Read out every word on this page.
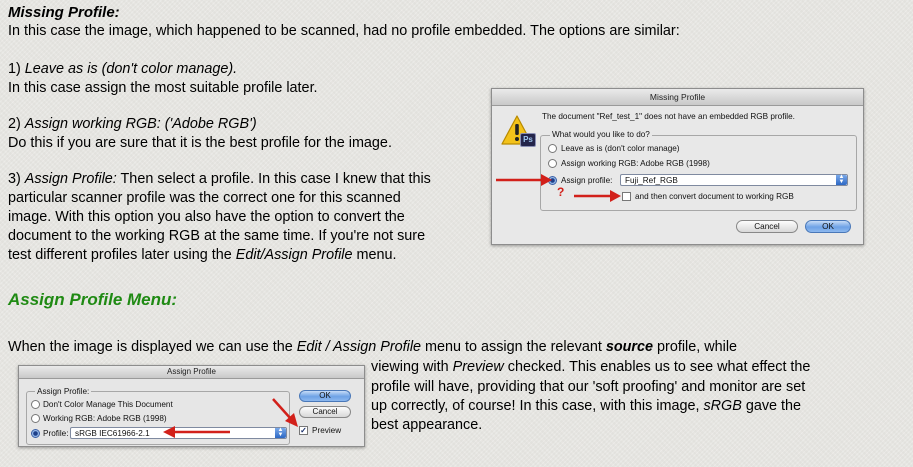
Missing Profile:
In this case the image, which happened to be scanned, had no profile embedded. The options are similar:
1) Leave as is (don't color manage).
In this case assign the most suitable profile later.
2) Assign working RGB: ('Adobe RGB')
Do this if you are sure that it is the best profile for the image.
3) Assign Profile: Then select a profile. In this case I knew that this
particular scanner profile was the correct one for this scanned
image. With this option you also have the option to convert the
document to the working RGB at the same time. If you're not sure
test different profiles later using the Edit/Assign Profile menu.
Missing Profile
Ps
The document "Ref_test_1" does not have an embedded RGB profile.
What would you like to do?
Leave as is (don't color manage)
Assign working RGB: Adobe RGB (1998)
Assign profile: Fuji_Ref_RGB	▲
▼
and then convert document to working RGB
Cancel	OK
?
Assign Profile Menu:
When the image is displayed we can use the Edit / Assign Profile menu to assign the relevant source profile, while
viewing with Preview checked. This enables us to see what effect the
profile will have, providing that our 'soft proofing' and monitor are set
up correctly, of course! In this case, with this image, sRGB gave the
best appearance.
Assign Profile
Assign Profile:
Don't Color Manage This Document
Working RGB: Adobe RGB (1998)
Profile: sRGB IEC61966-2.1	▲
▼
OK
Cancel
✓ Preview
